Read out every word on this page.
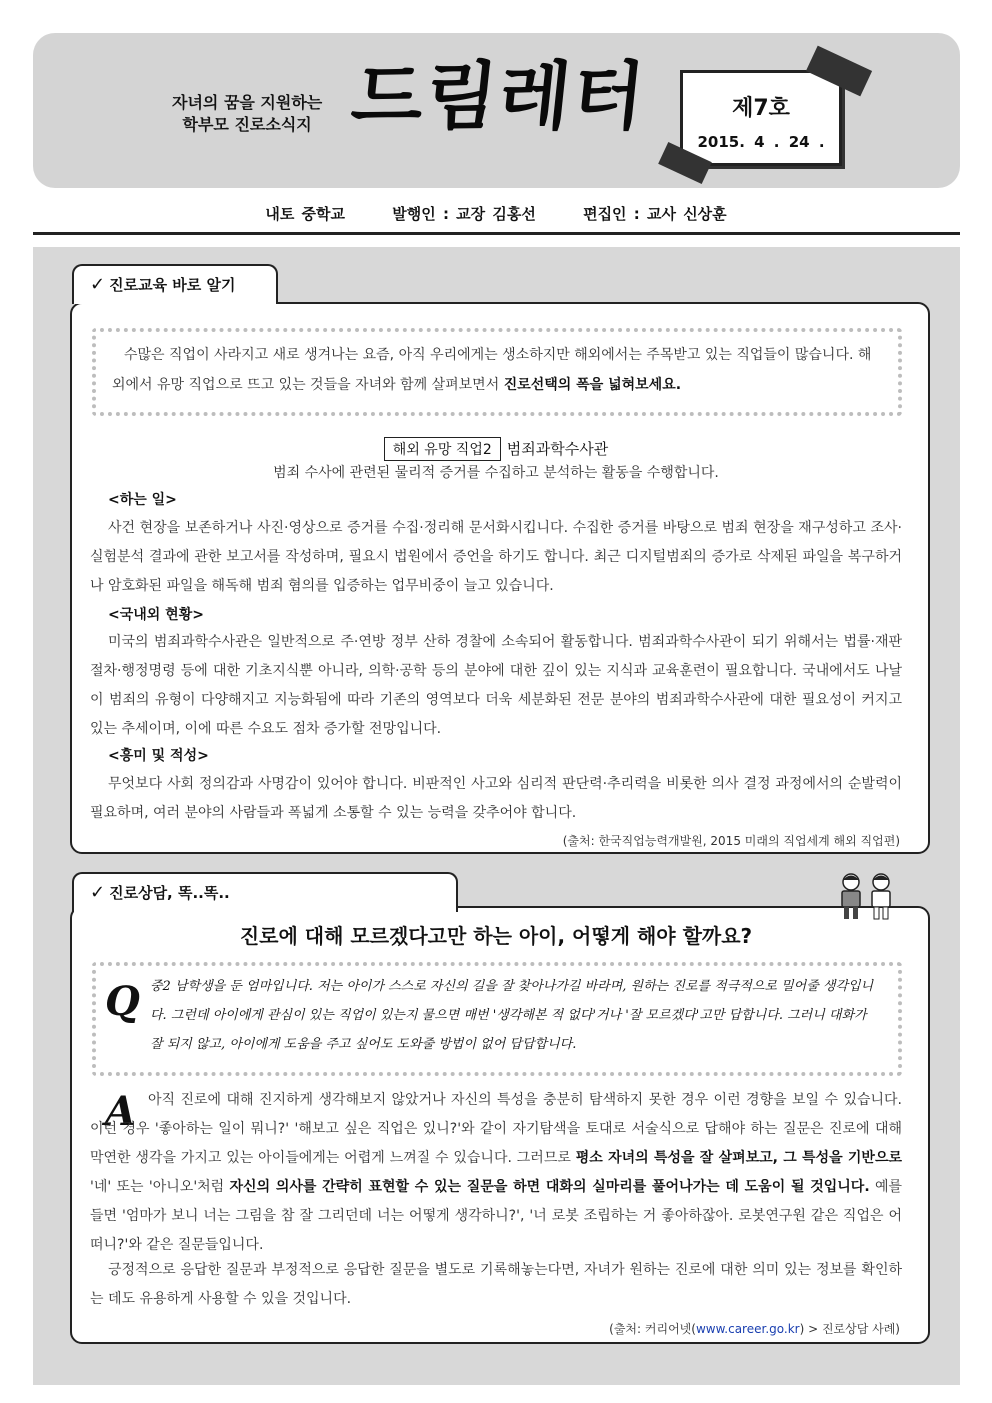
자녀의 꿈을 지원하는
학부모 진로소식지 드림레터	제7호
2015. 4 . 24 .
내토 중학교	발행인 : 교장 김홍선	편집인 : 교사 신상훈
✓ 진로교육 바로 알기
수많은 직업이 사라지고 새로 생겨나는 요즘, 아직 우리에게는 생소하지만 해외에서는 주목받고 있는 직업들이 많습니다. 해외에서 유망 직업으로 뜨고 있는 것들을 자녀와 함께 살펴보면서 진로선택의 폭을 넓혀보세요.
해외 유망 직업2 범죄과학수사관
범죄 수사에 관련된 물리적 증거를 수집하고 분석하는 활동을 수행합니다.
<하는 일>
사건 현장을 보존하거나 사진·영상으로 증거를 수집·정리해 문서화시킵니다. 수집한 증거를 바탕으로 범죄 현장을 재구성하고 조사·실험분석 결과에 관한 보고서를 작성하며, 필요시 법원에서 증언을 하기도 합니다. 최근 디지털범죄의 증가로 삭제된 파일을 복구하거나 암호화된 파일을 해독해 범죄 혐의를 입증하는 업무비중이 늘고 있습니다.
<국내외 현황>
미국의 범죄과학수사관은 일반적으로 주·연방 정부 산하 경찰에 소속되어 활동합니다. 범죄과학수사관이 되기 위해서는 법률·재판절차·행정명령 등에 대한 기초지식뿐 아니라, 의학·공학 등의 분야에 대한 깊이 있는 지식과 교육훈련이 필요합니다. 국내에서도 나날이 범죄의 유형이 다양해지고 지능화됨에 따라 기존의 영역보다 더욱 세분화된 전문 분야의 범죄과학수사관에 대한 필요성이 커지고 있는 추세이며, 이에 따른 수요도 점차 증가할 전망입니다.
<흥미 및 적성>
무엇보다 사회 정의감과 사명감이 있어야 합니다. 비판적인 사고와 심리적 판단력·추리력을 비롯한 의사 결정 과정에서의 순발력이 필요하며, 여러 분야의 사람들과 폭넓게 소통할 수 있는 능력을 갖추어야 합니다.
(출처: 한국직업능력개발원, 2015 미래의 직업세계 해외 직업편)
✓ 진로상담, 똑..똑..
진로에 대해 모르겠다고만 하는 아이, 어떻게 해야 할까요?
Q 중2 남학생을 둔 엄마입니다. 저는 아이가 스스로 자신의 길을 잘 찾아나가길 바라며, 원하는 진로를 적극적으로 밀어줄 생각입니다. 그런데 아이에게 관심이 있는 직업이 있는지 물으면 매번 '생각해본 적 없다'거나 '잘 모르겠다'고만 답합니다. 그러니 대화가 잘 되지 않고, 아이에게 도움을 주고 싶어도 도와줄 방법이 없어 답답합니다.
A 아직 진로에 대해 진지하게 생각해보지 않았거나 자신의 특성을 충분히 탐색하지 못한 경우 이런 경향을 보일 수 있습니다. 이런 경우 '좋아하는 일이 뭐니?' '해보고 싶은 직업은 있니?'와 같이 자기탐색을 토대로 서술식으로 답해야 하는 질문은 진로에 대해 막연한 생각을 가지고 있는 아이들에게는 어렵게 느껴질 수 있습니다. 그러므로 평소 자녀의 특성을 잘 살펴보고, 그 특성을 기반으로 '네' 또는 '아니오'처럼 자신의 의사를 간략히 표현할 수 있는 질문을 하면 대화의 실마리를 풀어나가는 데 도움이 될 것입니다. 예를 들면 '엄마가 보니 너는 그림을 참 잘 그리던데 너는 어떻게 생각하니?', '너 로봇 조립하는 거 좋아하잖아. 로봇연구원 같은 직업은 어떠니?'와 같은 질문들입니다.
긍정적으로 응답한 질문과 부정적으로 응답한 질문을 별도로 기록해놓는다면, 자녀가 원하는 진로에 대한 의미 있는 정보를 확인하는 데도 유용하게 사용할 수 있을 것입니다.
(출처: 커리어넷(www.career.go.kr) > 진로상담 사례)
